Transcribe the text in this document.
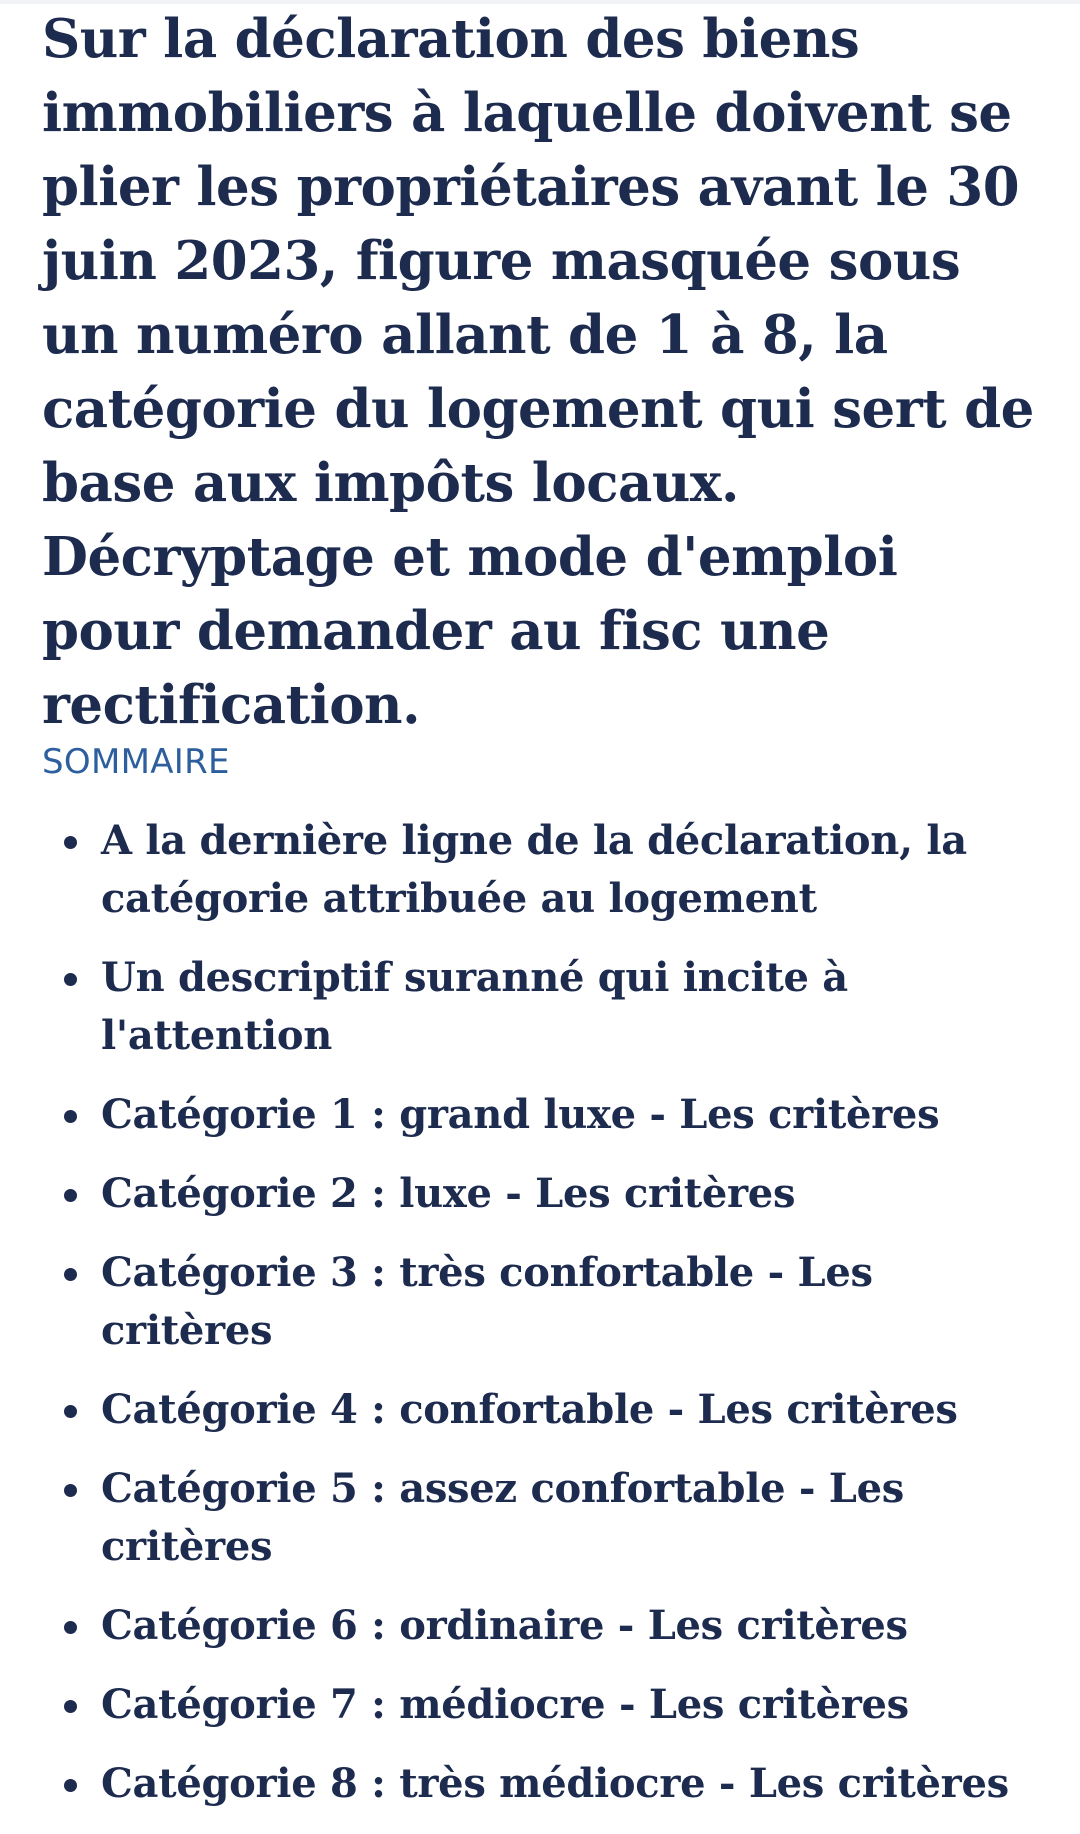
Sur la déclaration des biens immobiliers à laquelle doivent se plier les propriétaires avant le 30 juin 2023, figure masquée sous un numéro allant de 1 à 8, la catégorie du logement qui sert de base aux impôts locaux. Décryptage et mode d'emploi pour demander au fisc une rectification.

SOMMAIRE
A la dernière ligne de la déclaration, la catégorie attribuée au logement
Un descriptif suranné qui incite à l'attention
Catégorie 1 : grand luxe - Les critères
Catégorie 2 : luxe - Les critères
Catégorie 3 : très confortable - Les critères
Catégorie 4 : confortable - Les critères
Catégorie 5 : assez confortable - Les critères
Catégorie 6 : ordinaire - Les critères
Catégorie 7 : médiocre - Les critères
Catégorie 8 : très médiocre - Les critères
